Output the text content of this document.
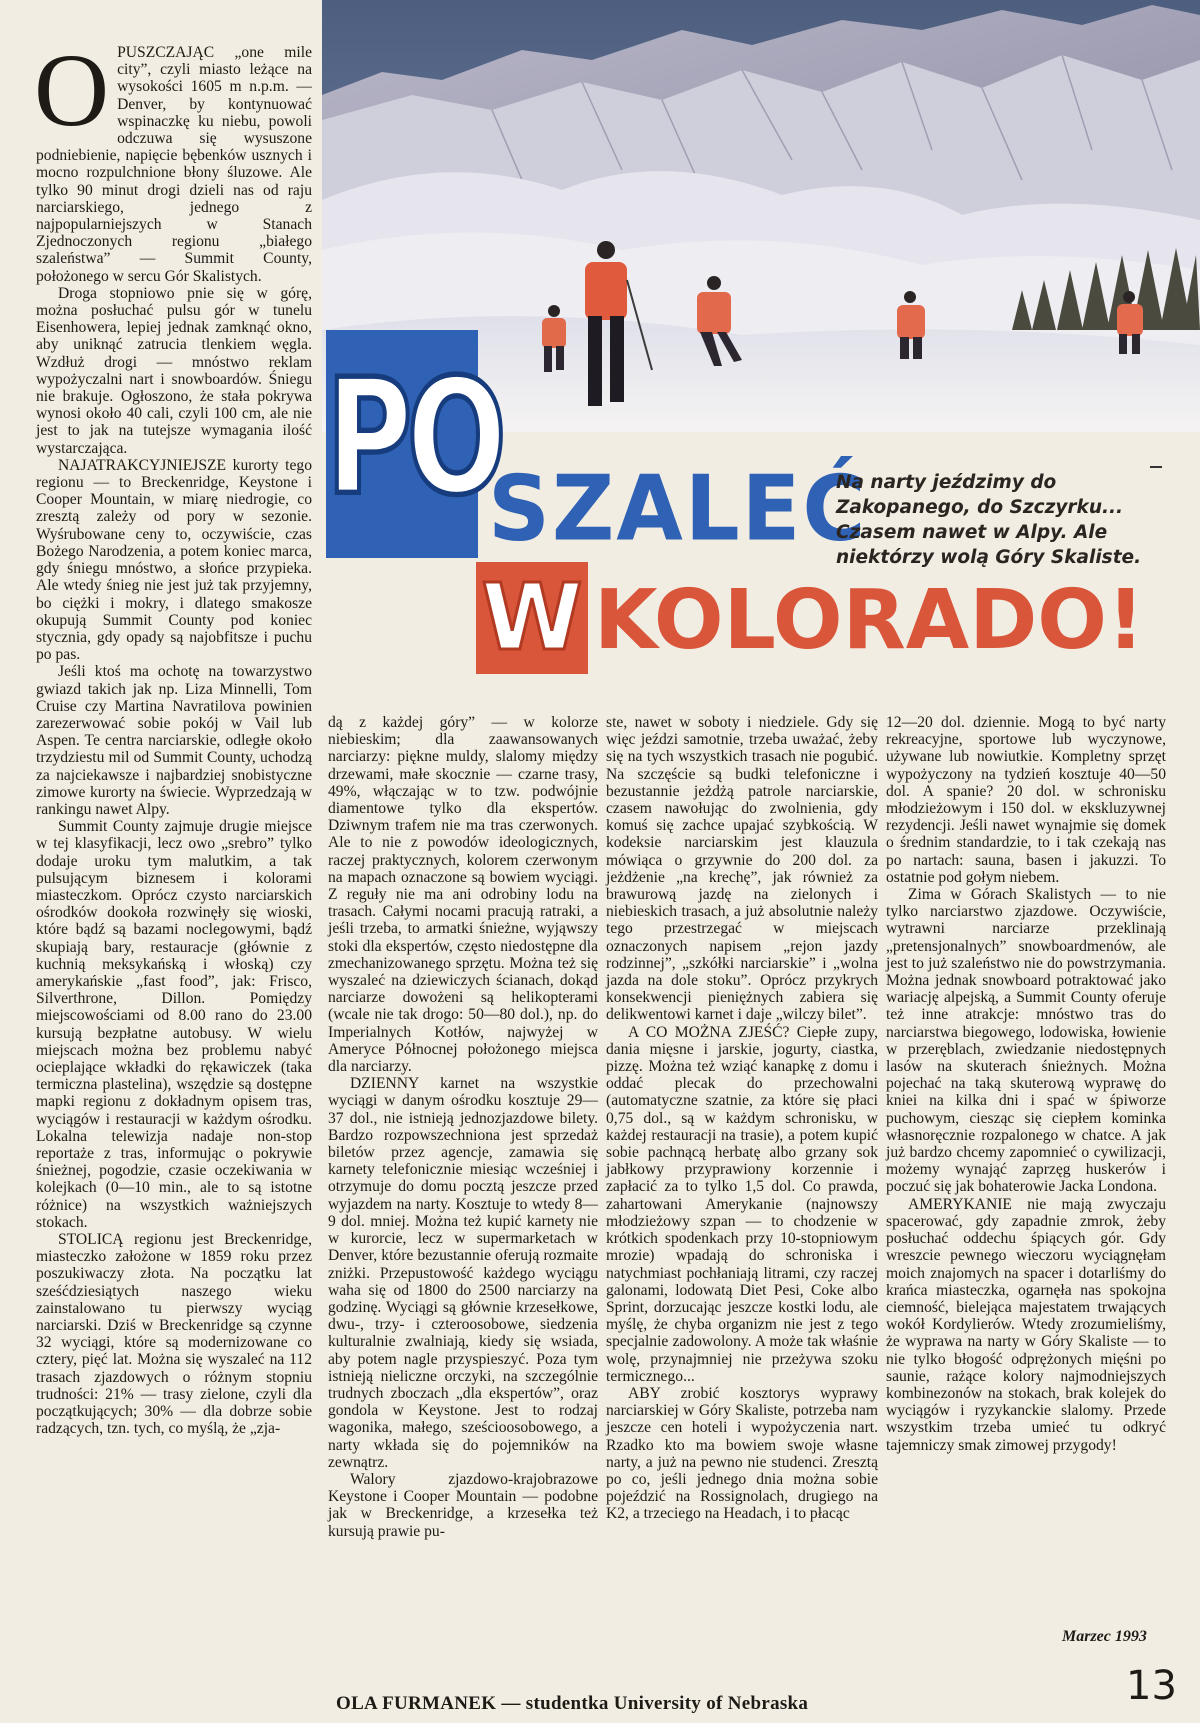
PO
SZALEĆ
W KOLORADO!
Na narty jeździmy do Zakopanego, do Szczyrku... Czasem nawet w Alpy. Ale niektórzy wolą Góry Skaliste.

OPUSZCZAJĄC „one mile city”, czyli miasto leżące na wysokości 1605 m n.p.m. — Denver, by kontynuować wspinaczkę ku niebu, powoli odczuwa się wysuszone podniebienie, napięcie bębenków usznych i mocno rozpulchnione błony śluzowe. Ale tylko 90 minut drogi dzieli nas od raju narciarskiego, jednego z najpopularniejszych w Stanach Zjednoczonych regionu „białego szaleństwa” — Summit County, położonego w sercu Gór Skalistych.

Droga stopniowo pnie się w górę, można posłuchać pulsu gór w tunelu Eisenhowera, lepiej jednak zamknąć okno, aby uniknąć zatrucia tlenkiem węgla. Wzdłuż drogi — mnóstwo reklam wypożyczalni nart i snowboardów. Śniegu nie brakuje. Ogłoszono, że stała pokrywa wynosi około 40 cali, czyli 100 cm, ale nie jest to jak na tutejsze wymagania ilość wystarczająca.

NAJATRAKCYJNIEJSZE kurorty tego regionu — to Breckenridge, Keystone i Cooper Mountain, w miarę niedrogie, co zresztą zależy od pory w sezonie. Wyśrubowane ceny to, oczywiście, czas Bożego Narodzenia, a potem koniec marca, gdy śniegu mnóstwo, a słońce przypieka. Ale wtedy śnieg nie jest już tak przyjemny, bo ciężki i mokry, i dlatego smakosze okupują Summit County pod koniec stycznia, gdy opady są najobfitsze i puchu po pas.

Jeśli ktoś ma ochotę na towarzystwo gwiazd takich jak np. Liza Minnelli, Tom Cruise czy Martina Navratilova powinien zarezerwować sobie pokój w Vail lub Aspen. Te centra narciarskie, odległe około trzydziestu mil od Summit County, uchodzą za najciekawsze i najbardziej snobistyczne zimowe kurorty na świecie. Wyprzedzają w rankingu nawet Alpy.

Summit County zajmuje drugie miejsce w tej klasyfikacji, lecz owo „srebro” tylko dodaje uroku tym malutkim, a tak pulsującym biznesem i kolorami miasteczkom. Oprócz czysto narciarskich ośrodków dookoła rozwinęły się wioski, które bądź są bazami noclegowymi, bądź skupiają bary, restauracje (głównie z kuchnią meksykańską i włoską) czy amerykańskie „fast food”, jak: Frisco, Silverthrone, Dillon. Pomiędzy miejscowościami od 8.00 rano do 23.00 kursują bezpłatne autobusy. W wielu miejscach można bez problemu nabyć ocieplające wkładki do rękawiczek (taka termiczna plastelina), wszędzie są dostępne mapki regionu z dokładnym opisem tras, wyciągów i restauracji w każdym ośrodku. Lokalna telewizja nadaje non-stop reportaże z tras, informując o pokrywie śnieżnej, pogodzie, czasie oczekiwania w kolejkach (0—10 min., ale to są istotne różnice) na wszystkich ważniejszych stokach.

STOLICĄ regionu jest Breckenridge, miasteczko założone w 1859 roku przez poszukiwaczy złota. Na początku lat sześćdziesiątych naszego wieku zainstalowano tu pierwszy wyciąg narciarski. Dziś w Breckenridge są czynne 32 wyciągi, które są modernizowane co cztery, pięć lat. Można się wyszaleć na 112 trasach zjazdowych o różnym stopniu trudności: 21% — trasy zielone, czyli dla początkujących; 30% — dla dobrze sobie radzących, tzn. tych, co myślą, że „zja-

dą z każdej góry” — w kolorze niebieskim; dla zaawansowanych narciarzy: piękne muldy, slalomy między drzewami, małe skocznie — czarne trasy, 49%, włączając w to tzw. podwójnie diamentowe tylko dla ekspertów. Dziwnym trafem nie ma tras czerwonych. Ale to nie z powodów ideologicznych, raczej praktycznych, kolorem czerwonym na mapach oznaczone są bowiem wyciągi. Z reguły nie ma ani odrobiny lodu na trasach. Całymi nocami pracują ratraki, a jeśli trzeba, to armatki śnieżne, wyjąwszy stoki dla ekspertów, często niedostępne dla zmechanizowanego sprzętu. Można też się wyszaleć na dziewiczych ścianach, dokąd narciarze dowożeni są helikopterami (wcale nie tak drogo: 50—80 dol.), np. do Imperialnych Kotłów, najwyżej w Ameryce Północnej położonego miejsca dla narciarzy.

DZIENNY karnet na wszystkie wyciągi w danym ośrodku kosztuje 29—37 dol., nie istnieją jednozjazdowe bilety. Bardzo rozpowszechniona jest sprzedaż biletów przez agencje, zamawia się karnety telefonicznie miesiąc wcześniej i otrzymuje do domu pocztą jeszcze przed wyjazdem na narty. Kosztuje to wtedy 8—9 dol. mniej. Można też kupić karnety nie w kurorcie, lecz w supermarketach w Denver, które bezustannie oferują rozmaite zniżki. Przepustowość każdego wyciągu waha się od 1800 do 2500 narciarzy na godzinę. Wyciągi są głównie krzesełkowe, dwu-, trzy- i czteroosobowe, siedzenia kulturalnie zwalniają, kiedy się wsiada, aby potem nagle przyspieszyć. Poza tym istnieją nieliczne orczyki, na szczególnie trudnych zboczach „dla ekspertów”, oraz gondola w Keystone. Jest to rodzaj wagonika, małego, sześcioosobowego, a narty wkłada się do pojemników na zewnątrz.

Walory zjazdowo-krajobrazowe Keystone i Cooper Mountain — podobne jak w Breckenridge, a krzesełka też kursują prawie pu-

ste, nawet w soboty i niedziele. Gdy się więc jeździ samotnie, trzeba uważać, żeby się na tych wszystkich trasach nie pogubić. Na szczęście są budki telefoniczne i bezustannie jeżdżą patrole narciarskie, czasem nawołując do zwolnienia, gdy komuś się zachce upajać szybkością. W kodeksie narciarskim jest klauzula mówiąca o grzywnie do 200 dol. za jeżdżenie „na krechę”, jak również za brawurową jazdę na zielonych i niebieskich trasach, a już absolutnie należy tego przestrzegać w miejscach oznaczonych napisem „rejon jazdy rodzinnej”, „szkółki narciarskie” i „wolna jazda na dole stoku”. Oprócz przykrych konsekwencji pieniężnych zabiera się delikwentowi karnet i daje „wilczy bilet”.

A CO MOŻNA ZJEŚĆ? Ciepłe zupy, dania mięsne i jarskie, jogurty, ciastka, pizzę. Można też wziąć kanapkę z domu i oddać plecak do przechowalni (automatyczne szatnie, za które się płaci 0,75 dol., są w każdym schronisku, w każdej restauracji na trasie), a potem kupić sobie pachnącą herbatę albo grzany sok jabłkowy przyprawiony korzennie i zapłacić za to tylko 1,5 dol. Co prawda, zahartowani Amerykanie (najnowszy młodzieżowy szpan — to chodzenie w krótkich spodenkach przy 10-stopniowym mrozie) wpadają do schroniska i natychmiast pochłaniają litrami, czy raczej galonami, lodowatą Diet Pesi, Coke albo Sprint, dorzucając jeszcze kostki lodu, ale myślę, że chyba organizm nie jest z tego specjalnie zadowolony. A może tak właśnie wolę, przynajmniej nie przeżywa szoku termicznego...

ABY zrobić kosztorys wyprawy narciarskiej w Góry Skaliste, potrzeba nam jeszcze cen hoteli i wypożyczenia nart. Rzadko kto ma bowiem swoje własne narty, a już na pewno nie studenci. Zresztą po co, jeśli jednego dnia można sobie pojeździć na Rossignolach, drugiego na K2, a trzeciego na Headach, i to płacąc

12—20 dol. dziennie. Mogą to być narty rekreacyjne, sportowe lub wyczynowe, używane lub nowiutkie. Kompletny sprzęt wypożyczony na tydzień kosztuje 40—50 dol. A spanie? 20 dol. w schronisku młodzieżowym i 150 dol. w ekskluzywnej rezydencji. Jeśli nawet wynajmie się domek o średnim standardzie, to i tak czekają nas po nartach: sauna, basen i jakuzzi. To ostatnie pod gołym niebem.

Zima w Górach Skalistych — to nie tylko narciarstwo zjazdowe. Oczywiście, wytrawni narciarze przeklinają „pretensjonalnych” snowboardmenów, ale jest to już szaleństwo nie do powstrzymania. Można jednak snowboard potraktować jako wariację alpejską, a Summit County oferuje też inne atrakcje: mnóstwo tras do narciarstwa biegowego, lodowiska, łowienie w przeręblach, zwiedzanie niedostępnych lasów na skuterach śnieżnych. Można pojechać na taką skuterową wyprawę do kniei na kilka dni i spać w śpiworze puchowym, ciesząc się ciepłem kominka własnoręcznie rozpalonego w chatce. A jak już bardzo chcemy zapomnieć o cywilizacji, możemy wynająć zaprzęg huskerów i poczuć się jak bohaterowie Jacka Londona.

AMERYKANIE nie mają zwyczaju spacerować, gdy zapadnie zmrok, żeby posłuchać oddechu śpiących gór. Gdy wreszcie pewnego wieczoru wyciągnęłam moich znajomych na spacer i dotarliśmy do krańca miasteczka, ogarnęła nas spokojna ciemność, bielejąca majestatem trwających wokół Kordylierów. Wtedy zrozumieliśmy, że wyprawa na narty w Góry Skaliste — to nie tylko błogość odprężonych mięśni po saunie, rażące kolory najmodniejszych kombinezonów na stokach, brak kolejek do wyciągów i ryzykanckie slalomy. Przede wszystkim trzeba umieć tu odkryć tajemniczy smak zimowej przygody!

Marzec 1993
13
OLA FURMANEK — studentka University of Nebraska
